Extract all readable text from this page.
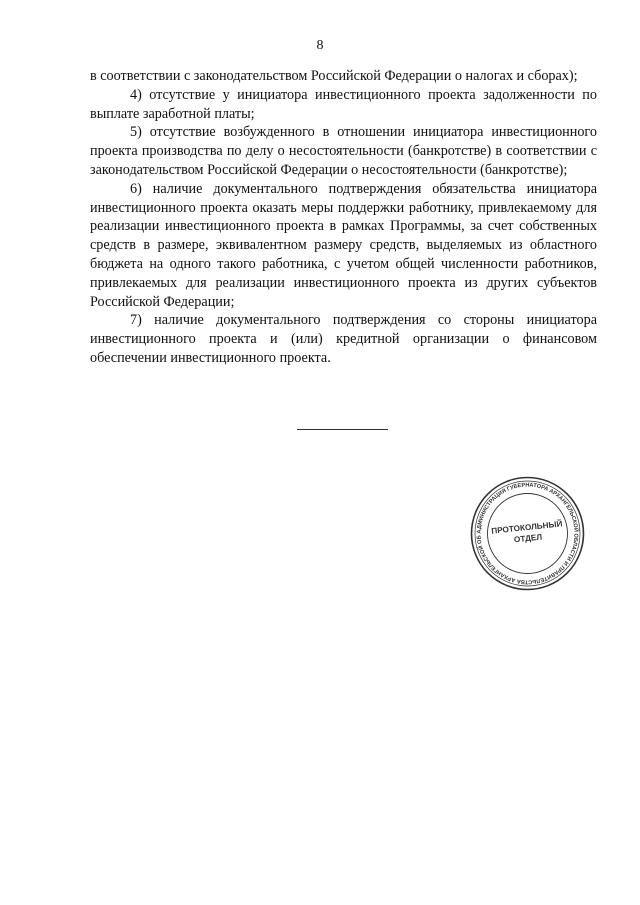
8

в соответствии с законодательством Российской Федерации о налогах и сборах);

4) отсутствие у инициатора инвестиционного проекта задолженности по выплате заработной платы;

5) отсутствие возбужденного в отношении инициатора инвестиционного проекта производства по делу о несостоятельности (банкротстве) в соответствии с законодательством Российской Федерации о несостоятельности (банкротстве);

6) наличие документального подтверждения обязательства инициатора инвестиционного проекта оказать меры поддержки работнику, привлекаемому для реализации инвестиционного проекта в рамках Программы, за счет собственных средств в размере, эквивалентном размеру средств, выделяемых из областного бюджета на одного такого работника, с учетом общей численности работников, привлекаемых для реализации инвестиционного проекта из других субъектов Российской Федерации;

7) наличие документального подтверждения со стороны инициатора инвестиционного проекта и (или) кредитной организации о финансовом обеспечении инвестиционного проекта.

АДМИНИСТРАЦИЯ ГУБЕРНАТОРА АРХАНГЕЛЬСКОЙ ОБЛАСТИ И ПРАВИТЕЛЬСТВА АРХАНГЕЛЬСКОЙ ОБ
ПРОТОКОЛЬНЫЙ
ОТДЕЛ
